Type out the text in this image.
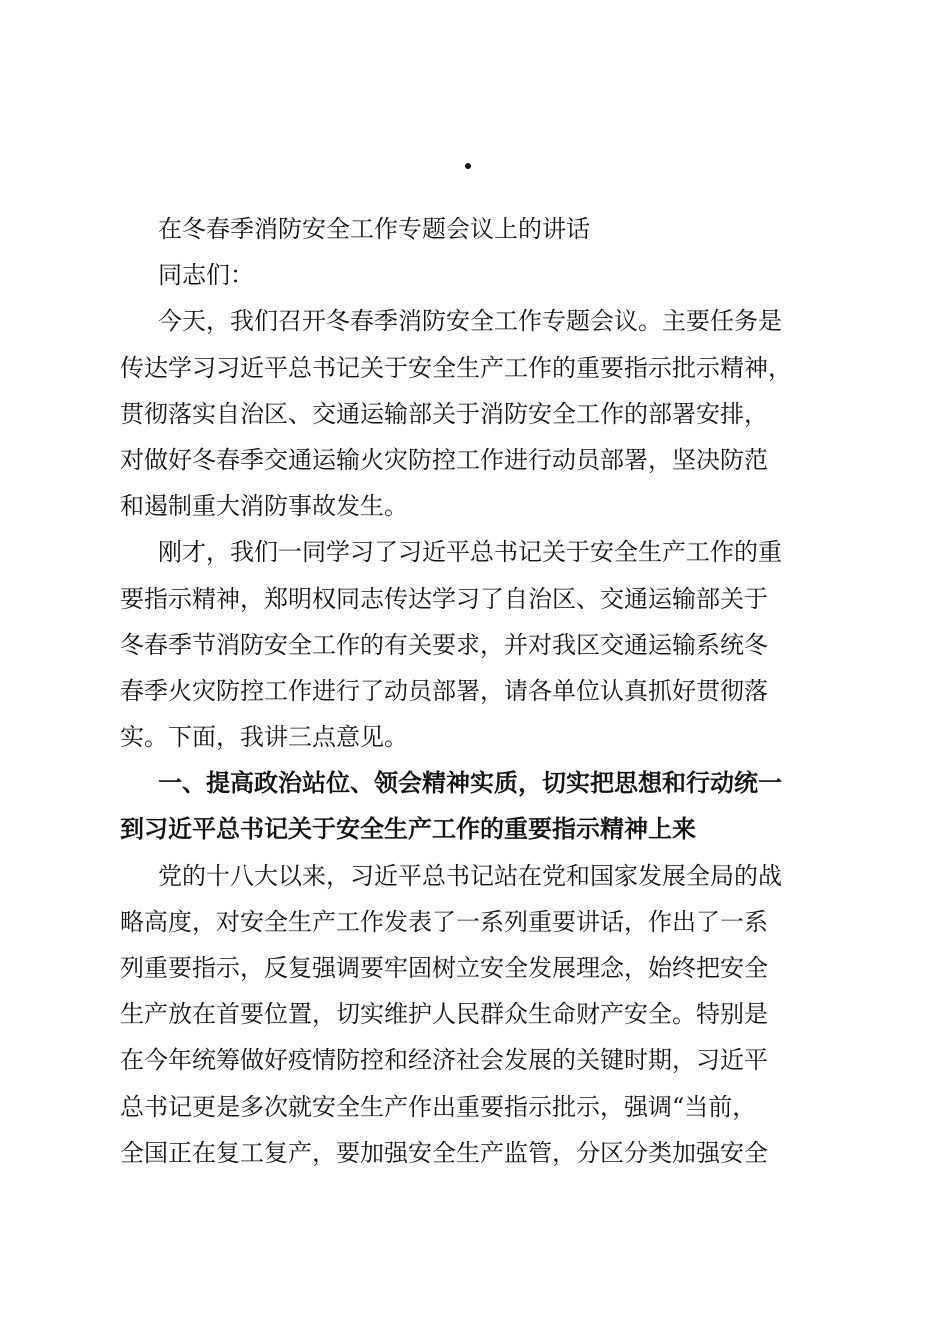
在冬春季消防安全工作专题会议上的讲话
同志们：
今天，我们召开冬春季消防安全工作专题会议。主要任务是
传达学习习近平总书记关于安全生产工作的重要指示批示精神，
贯彻落实自治区、交通运输部关于消防安全工作的部署安排，
对做好冬春季交通运输火灾防控工作进行动员部署，坚决防范
和遏制重大消防事故发生。
刚才，我们一同学习了习近平总书记关于安全生产工作的重
要指示精神，郑明权同志传达学习了自治区、交通运输部关于
冬春季节消防安全工作的有关要求，并对我区交通运输系统冬
春季火灾防控工作进行了动员部署，请各单位认真抓好贯彻落
实。下面，我讲三点意见。
一、提高政治站位、领会精神实质，切实把思想和行动统一
到习近平总书记关于安全生产工作的重要指示精神上来
党的十八大以来，习近平总书记站在党和国家发展全局的战
略高度，对安全生产工作发表了一系列重要讲话，作出了一系
列重要指示，反复强调要牢固树立安全发展理念，始终把安全
生产放在首要位置，切实维护人民群众生命财产安全。特别是
在今年统筹做好疫情防控和经济社会发展的关键时期，习近平
总书记更是多次就安全生产作出重要指示批示，强调“当前，
全国正在复工复产，要加强安全生产监管，分区分类加强安全
